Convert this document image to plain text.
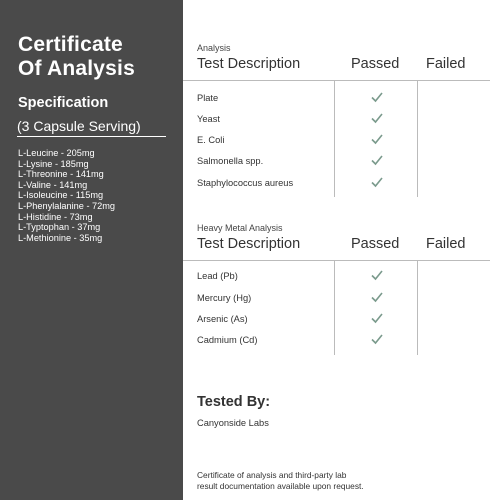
Certificate
Of Analysis
Specification
(3 Capsule Serving)
L-Leucine - 205mg
L-Lysine - 185mg
L-Threonine - 141mg
L-Valine - 141mg
L-Isoleucine - 115mg
L-Phenylalanine - 72mg
L-Histidine - 73mg
L-Typtophan - 37mg
L-Methionine - 35mg
Analysis
Test Description	Passed Failed
Plate
Yeast
E. Coli
Salmonella spp.
Staphylococcus aureus
Heavy Metal Analysis
Test Description	Passed Failed
Lead (Pb)
Mercury (Hg)
Arsenic (As)
Cadmium (Cd)
Tested By:
Canyonside Labs
Certificate of analysis and third-party lab
result documentation available upon request.
